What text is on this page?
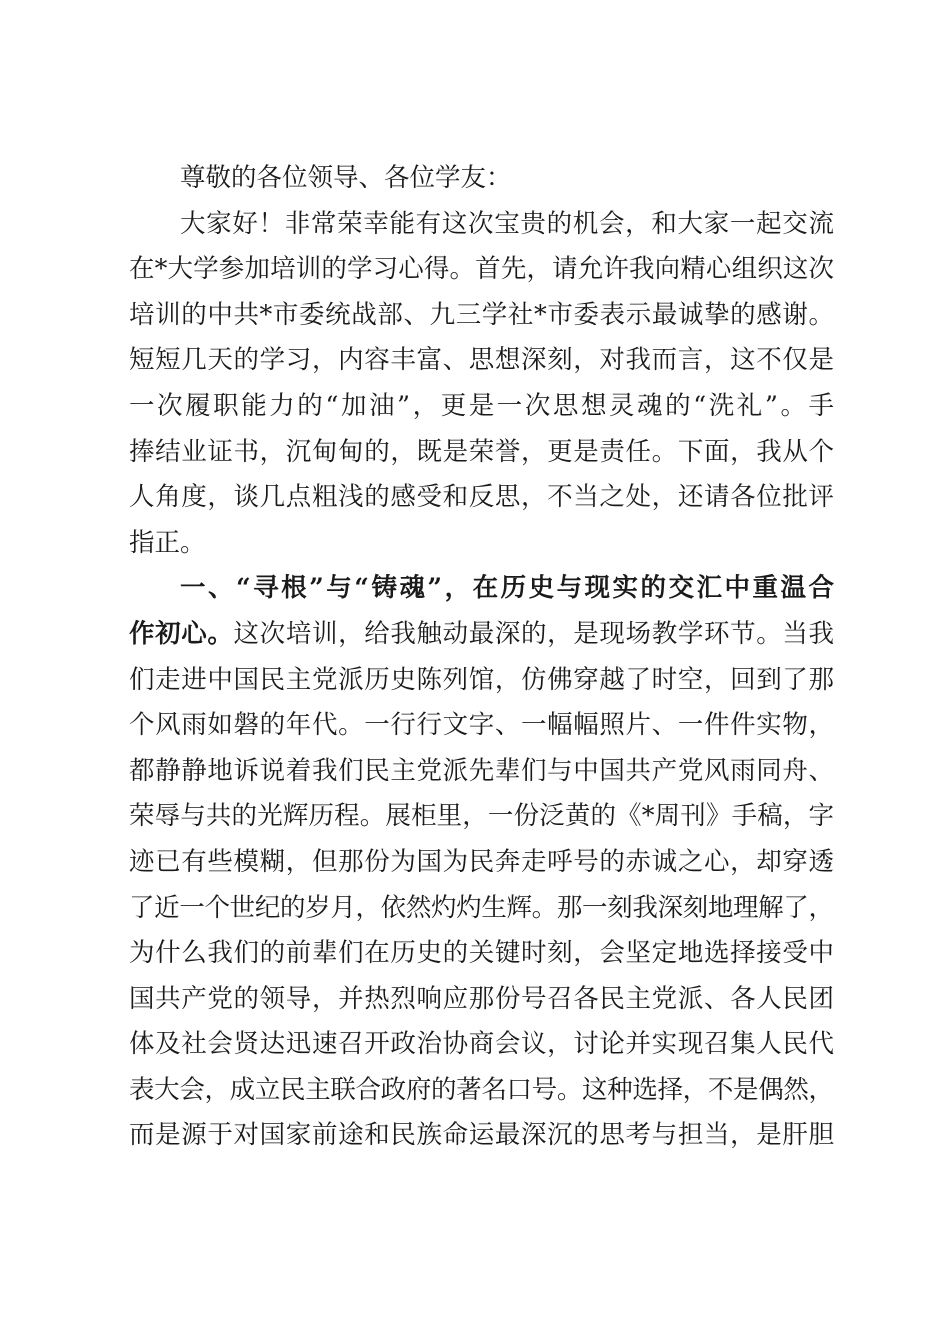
尊敬的各位领导、各位学友：
大家好！非常荣幸能有这次宝贵的机会，和大家一起交流
在*大学参加培训的学习心得。首先，请允许我向精心组织这次
培训的中共*市委统战部、九三学社*市委表示最诚挚的感谢。
短短几天的学习，内容丰富、思想深刻，对我而言，这不仅是
一次履职能力的“加油”，更是一次思想灵魂的“洗礼”。手
捧结业证书，沉甸甸的，既是荣誉，更是责任。下面，我从个
人角度，谈几点粗浅的感受和反思，不当之处，还请各位批评
指正。
一、“寻根”与“铸魂”，在历史与现实的交汇中重温合
作初心。这次培训，给我触动最深的，是现场教学环节。当我
们走进中国民主党派历史陈列馆，仿佛穿越了时空，回到了那
个风雨如磐的年代。一行行文字、一幅幅照片、一件件实物，
都静静地诉说着我们民主党派先辈们与中国共产党风雨同舟、
荣辱与共的光辉历程。展柜里，一份泛黄的《*周刊》手稿，字
迹已有些模糊，但那份为国为民奔走呼号的赤诚之心，却穿透
了近一个世纪的岁月，依然灼灼生辉。那一刻我深刻地理解了，
为什么我们的前辈们在历史的关键时刻，会坚定地选择接受中
国共产党的领导，并热烈响应那份号召各民主党派、各人民团
体及社会贤达迅速召开政治协商会议，讨论并实现召集人民代
表大会，成立民主联合政府的著名口号。这种选择，不是偶然，
而是源于对国家前途和民族命运最深沉的思考与担当，是肝胆
